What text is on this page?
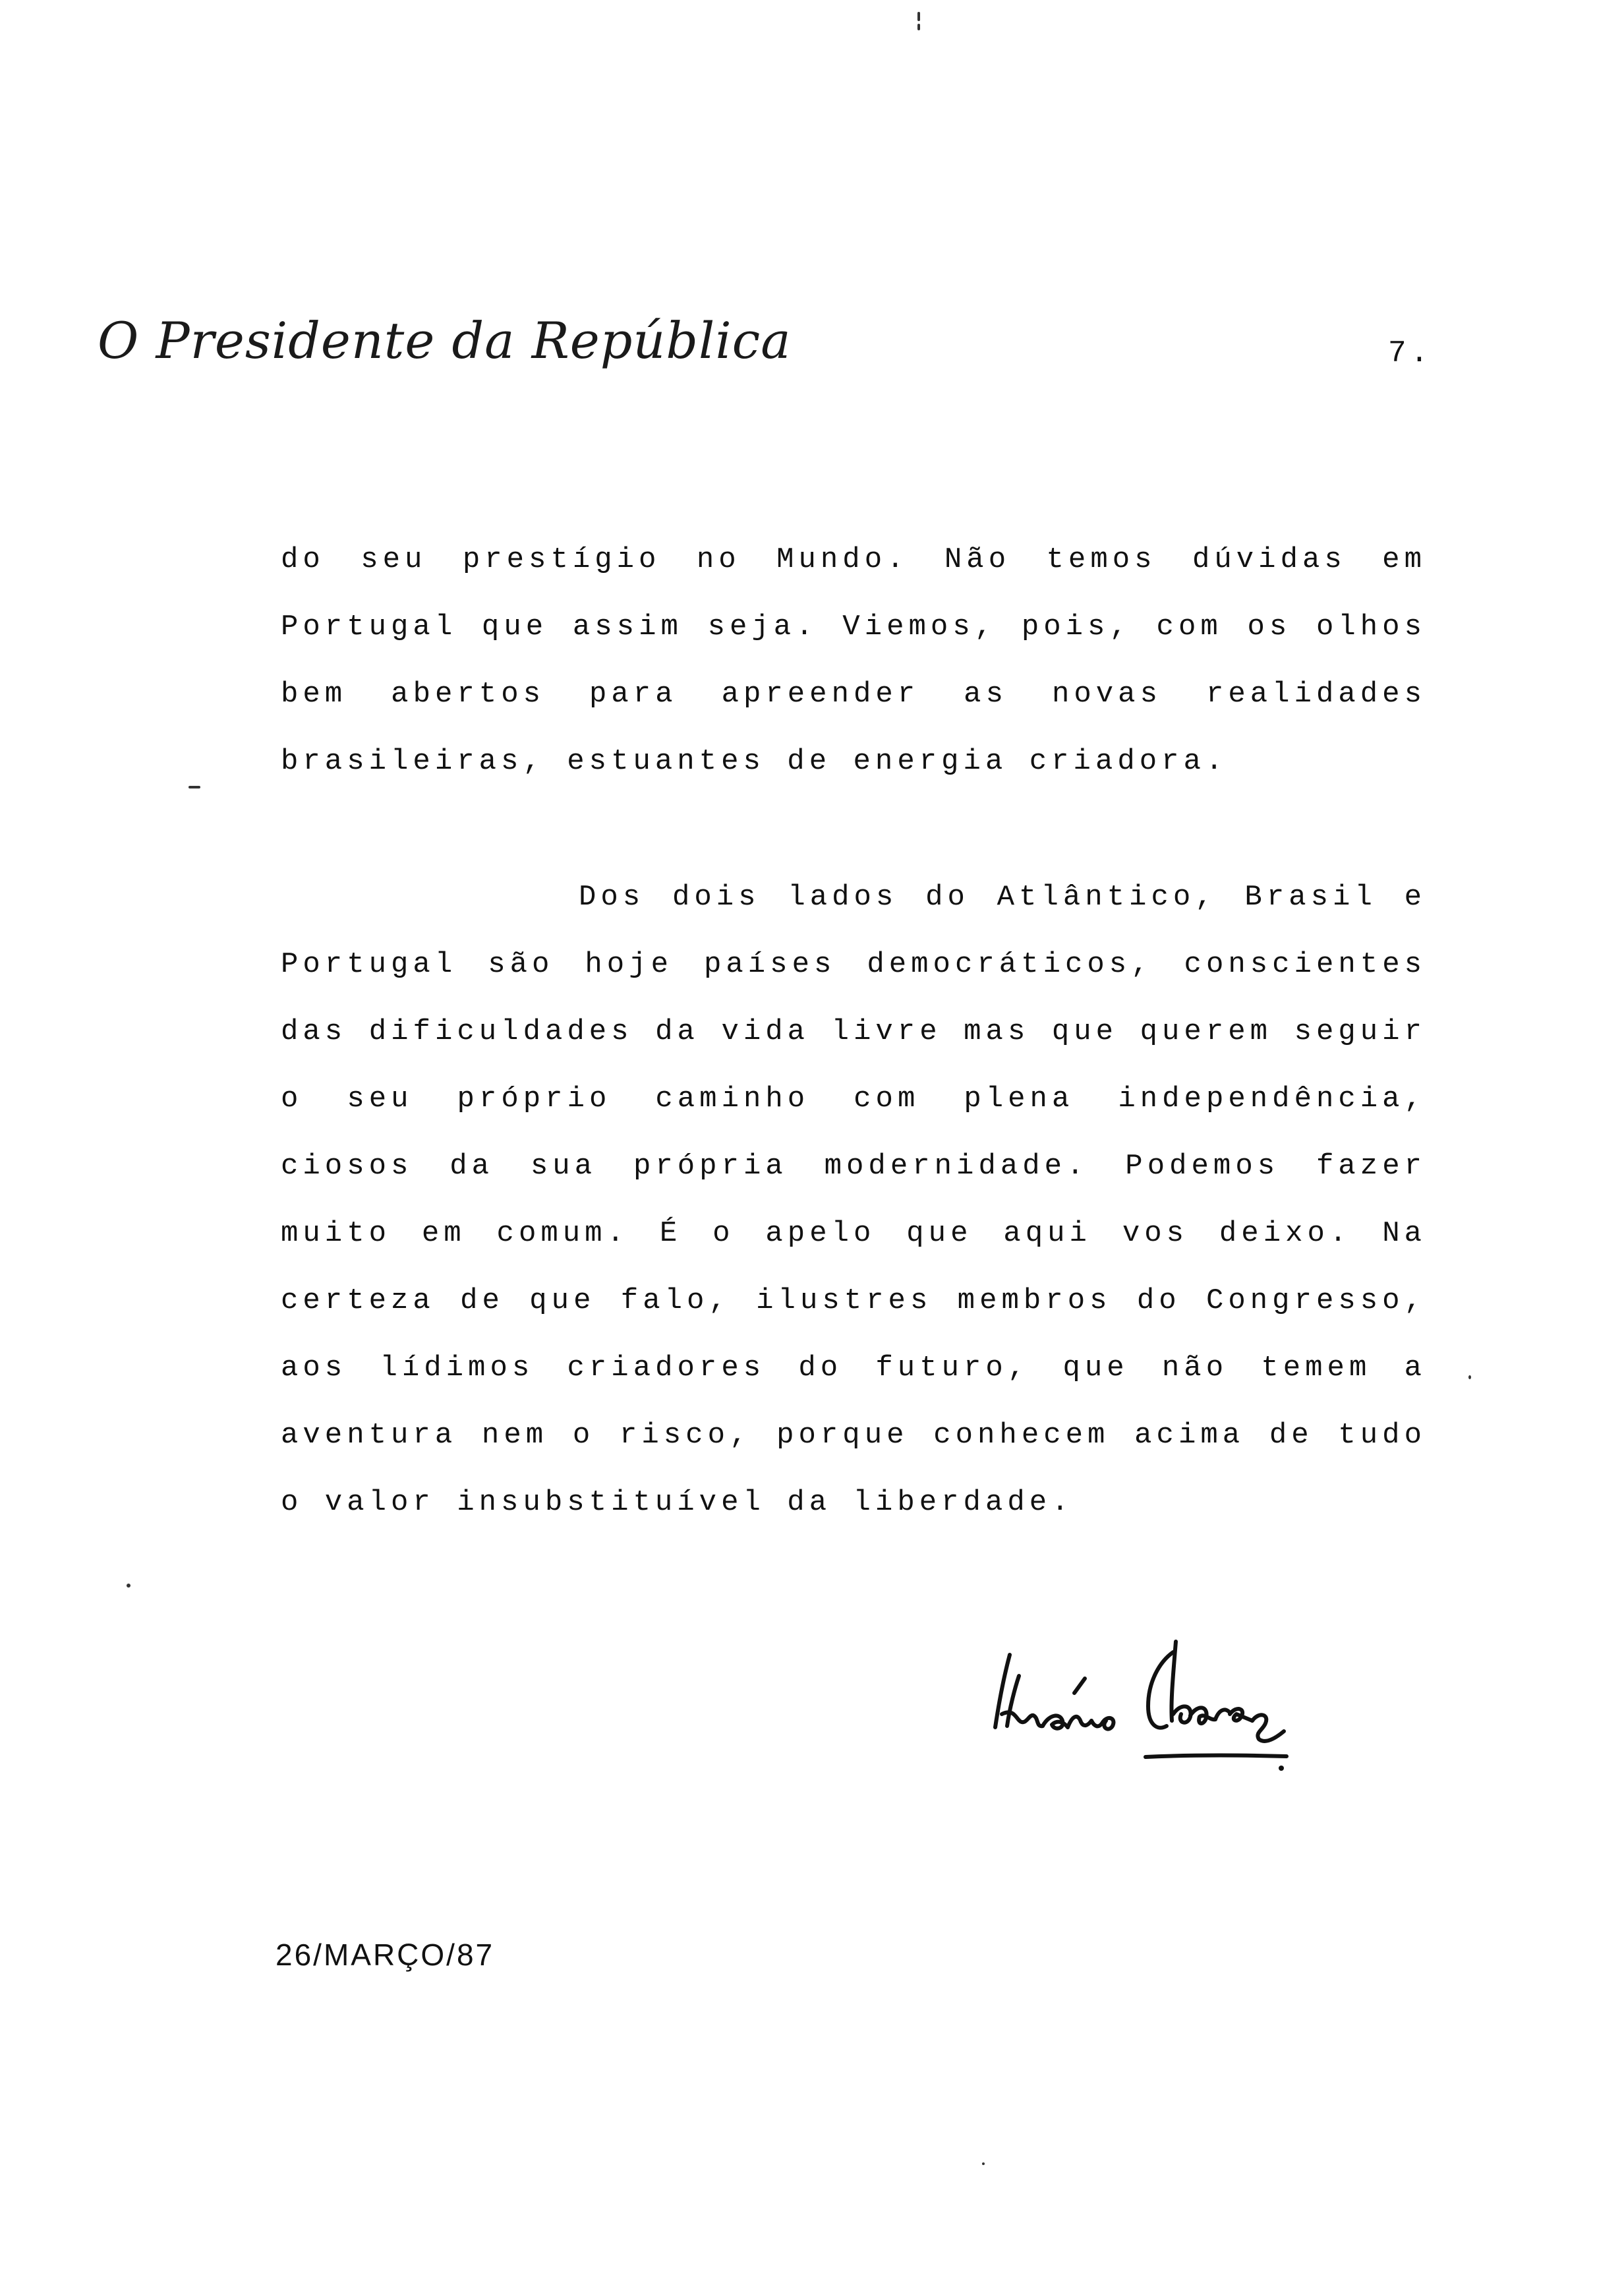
O Presidente da República	7.

do seu prestígio no Mundo. Não temos dúvidas em Portugal que assim seja. Viemos, pois, com os olhos bem abertos para apreender as novas realidades brasileiras, estuantes de energia criadora.

Dos dois lados do Atlântico, Brasil e Portugal são hoje países democráticos, conscientes das dificuldades da vida livre mas que querem seguir o seu próprio caminho com plena independência, ciosos da sua própria modernidade. Podemos fazer muito em comum. É o apelo que aqui vos deixo. Na certeza de que falo, ilustres membros do Congresso, aos lídimos criadores do futuro, que não temem a aventura nem o risco, porque conhecem acima de tudo o valor insubstituível da liberdade.

26/MARÇO/87
